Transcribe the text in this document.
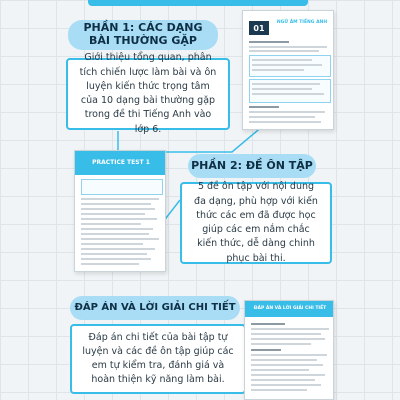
PHẦN 1: CÁC DẠNG BÀI THƯỜNG GẶP
Giới thiệu tổng quan, phân tích chiến lược làm bài và ôn luyện kiến thức trọng tâm của 10 dạng bài thường gặp trong đề thi Tiếng Anh vào lớp 6.
01
NGỮ ÂM TIẾNG ANH
PRACTICE TEST 1	PHẦN 2: ĐỀ ÔN TẬP
5 đề ôn tập với nội dung đa dạng, phù hợp với kiến thức các em đã được học giúp các em nắm chắc kiến thức, dễ dàng chinh phục bài thi.
ĐÁP ÁN VÀ LỜI GIẢI CHI TIẾT
Đáp án chi tiết của bài tập tự luyện và các đề ôn tập giúp các em tự kiểm tra, đánh giá và hoàn thiện kỹ năng làm bài.
ĐÁP ÁN VÀ LỜI GIẢI CHI TIẾT
